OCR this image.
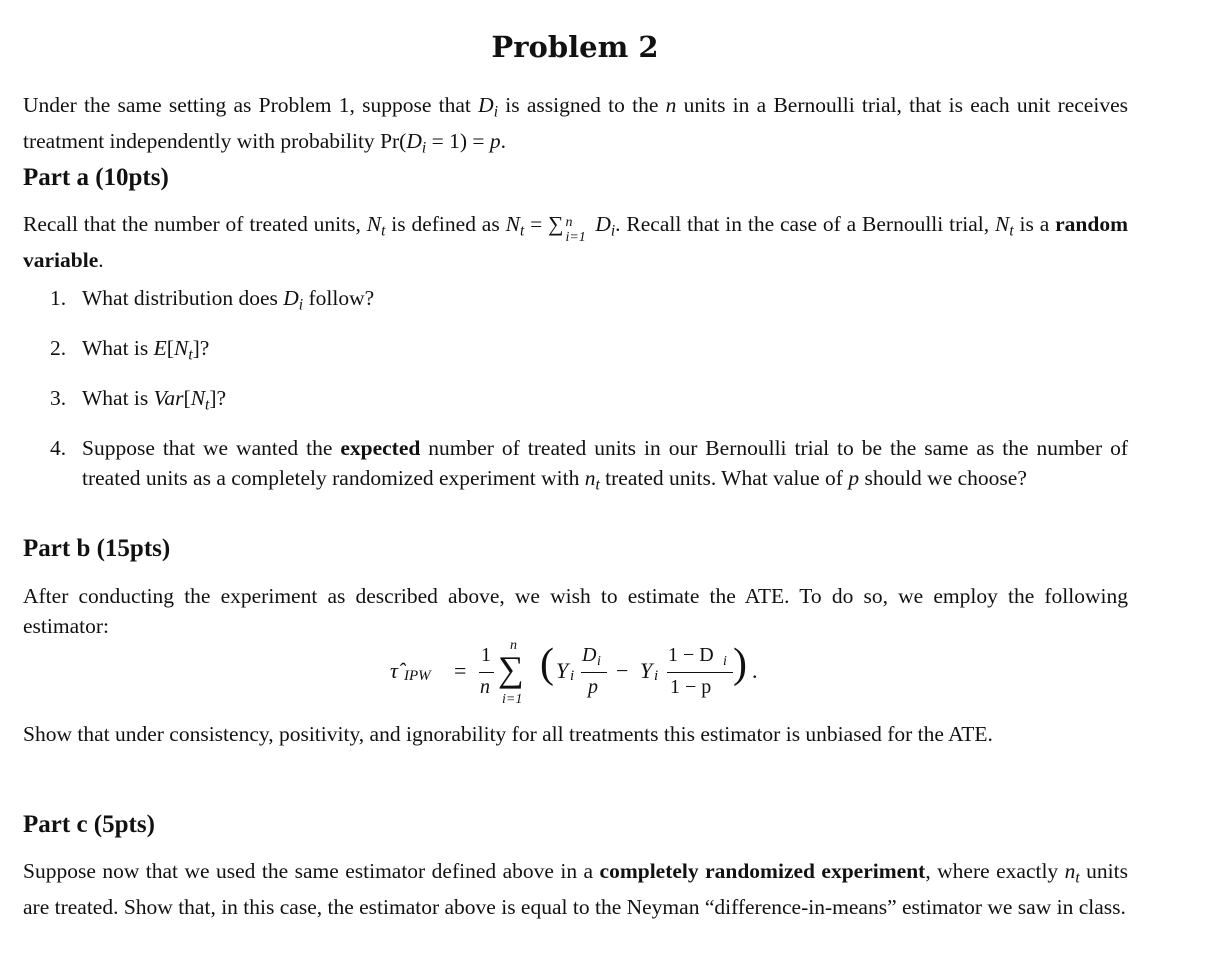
Problem 2
Under the same setting as Problem 1, suppose that $D_i$ is assigned to the n units in a Bernoulli trial, that is each unit receives treatment independently with probability $Pr(D_i = 1) = p$.
Part a (10pts)
Recall that the number of treated units, $N_t$ is defined as $N_t$ = ∑ n
i=1
$D_i$. Recall that in the case of a Bernoulli trial, $N_t$ is a random variable.
1. What distribution does $D_i$ follow?
2. What is $E[N_t]$?
3. What is $Var[N_t]$?
4. Suppose that we wanted the expected number of treated units in our Bernoulli trial to be the same as the number of treated units as a completely randomized experiment with $n_t$ treated units. What value of p should we choose?
Part b (15pts)
After conducting the experiment as described above, we wish to estimate the ATE. To do so, we employ the following estimator:
τ̂ IPW =
1
n
n
∑
i=1
( Y i
D i
p
− Y i
1 − D i
1 − p ) .
Show that under consistency, positivity, and ignorability for all treatments this estimator is unbiased for the ATE.
Part c (5pts)
Suppose now that we used the same estimator defined above in a completely randomized experiment, where exactly $n_t$ units are treated. Show that, in this case, the estimator above is equal to the Neyman “difference-in-means” estimator we saw in class.
